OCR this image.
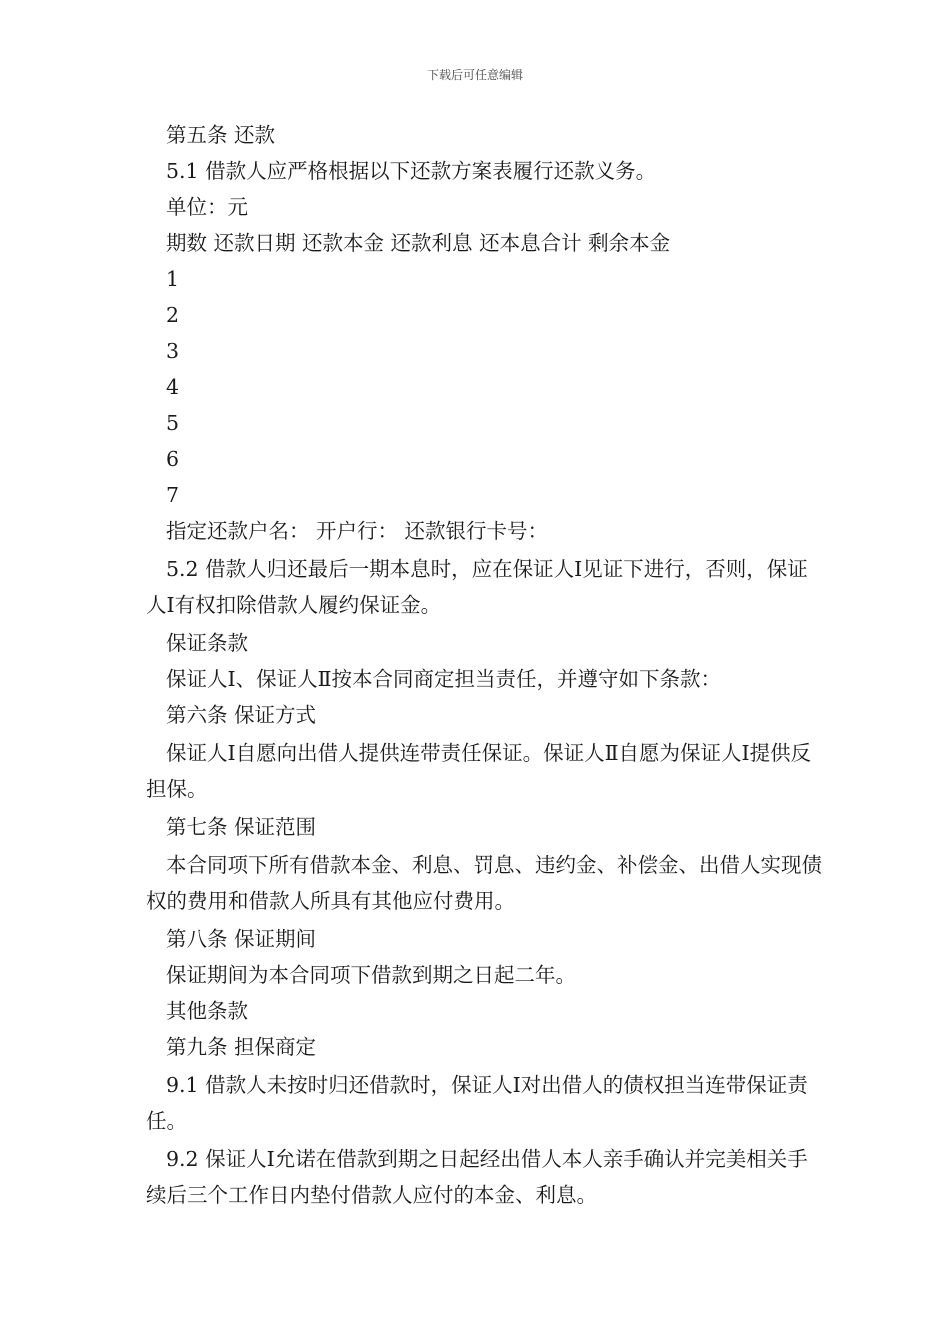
下载后可任意编辑

第五条 还款

5.1 借款人应严格根据以下还款方案表履行还款义务。

单位：元

期数 还款日期 还款本金 还款利息 还本息合计 剩余本金

1

2

3

4

5

6

7

指定还款户名： 开户行： 还款银行卡号：

5.2 借款人归还最后一期本息时，应在保证人Ⅰ见证下进行，否则，保证人Ⅰ有权扣除借款人履约保证金。

保证条款

保证人Ⅰ、保证人Ⅱ按本合同商定担当责任，并遵守如下条款：

第六条 保证方式

保证人Ⅰ自愿向出借人提供连带责任保证。保证人Ⅱ自愿为保证人Ⅰ提供反担保。

第七条 保证范围

本合同项下所有借款本金、利息、罚息、违约金、补偿金、出借人实现债权的费用和借款人所具有其他应付费用。

第八条 保证期间

保证期间为本合同项下借款到期之日起二年。

其他条款

第九条 担保商定

9.1 借款人未按时归还借款时，保证人Ⅰ对出借人的债权担当连带保证责任。

9.2 保证人Ⅰ允诺在借款到期之日起经出借人本人亲手确认并完美相关手续后三个工作日内垫付借款人应付的本金、利息。
